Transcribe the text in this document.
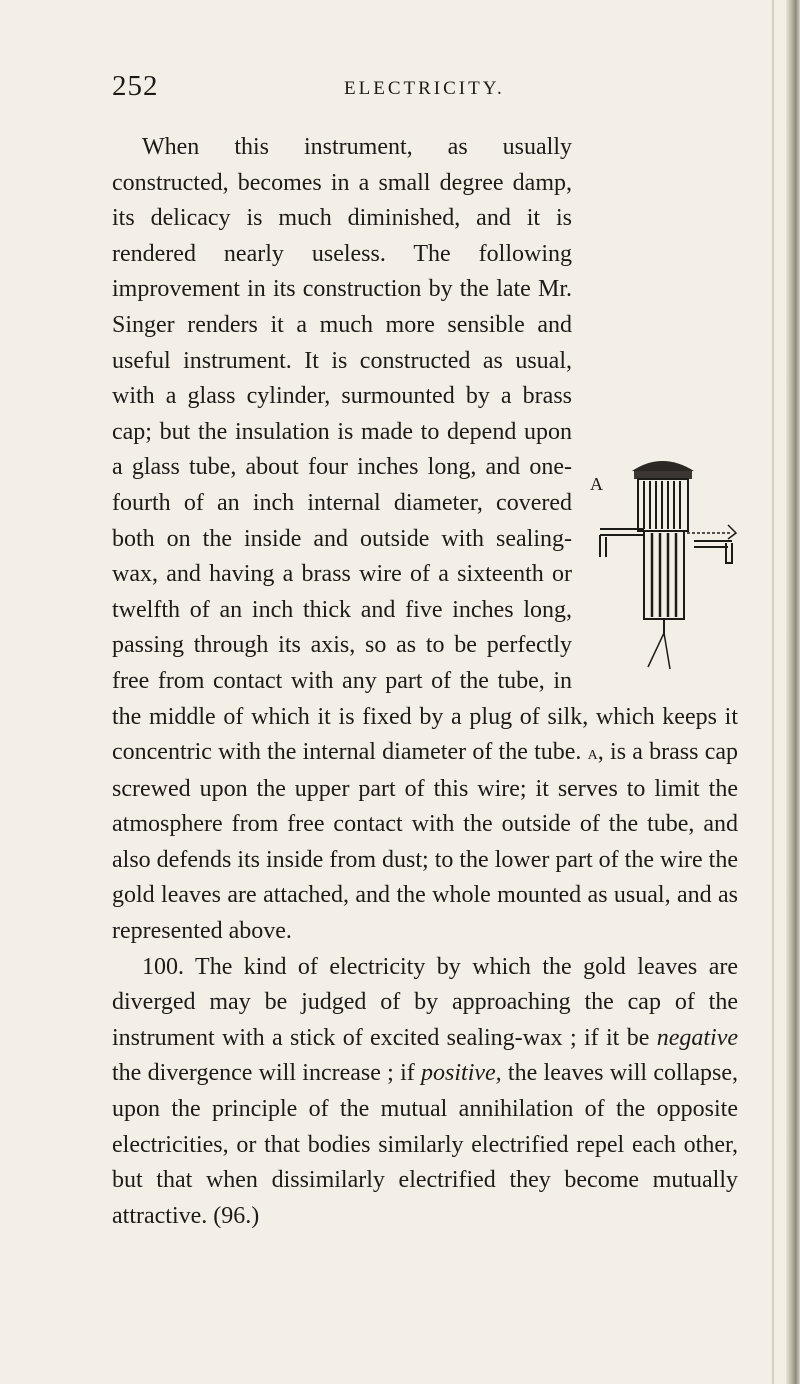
252	ELECTRICITY.
A

When this instrument, as usually constructed, becomes in a small degree damp, its delicacy is much diminished, and it is rendered nearly useless. The following improvement in its construction by the late Mr. Singer renders it a much more sensible and useful instrument. It is constructed as usual, with a glass cylinder, surmounted by a brass cap; but the insulation is made to depend upon a glass tube, about four inches long, and one-fourth of an inch internal diameter, covered both on the inside and outside with sealing-wax, and having a brass wire of a sixteenth or twelfth of an inch thick and five inches long, passing through its axis, so as to be perfectly free from contact with any part of the tube, in the middle of which it is fixed by a plug of silk, which keeps it concentric with the internal diameter of the tube. a, is a brass cap screwed upon the upper part of this wire; it serves to limit the atmosphere from free contact with the outside of the tube, and also defends its inside from dust; to the lower part of the wire the gold leaves are attached, and the whole mounted as usual, and as represented above.

100. The kind of electricity by which the gold leaves are diverged may be judged of by approaching the cap of the instrument with a stick of excited sealing-wax ; if it be negative the divergence will increase ; if positive, the leaves will collapse, upon the principle of the mutual annihilation of the opposite electricities, or that bodies similarly electrified repel each other, but that when dissimilarly electrified they become mutually attractive. (96.)
